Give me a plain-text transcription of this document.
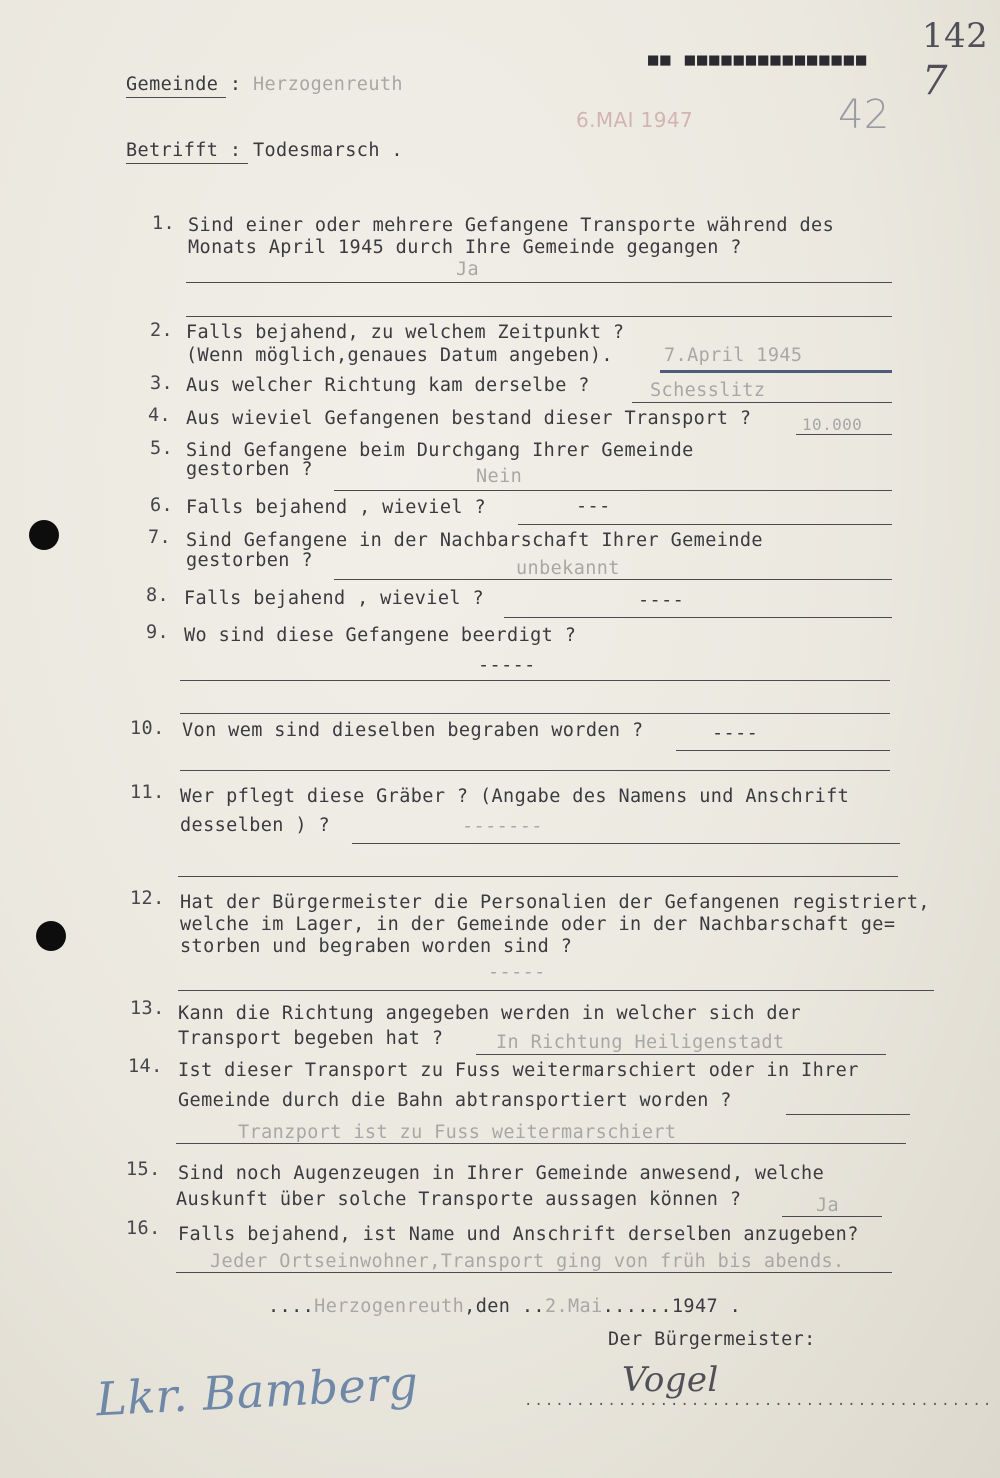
142
7
42
6.MAI 1947
■■ ■■■■■■■■■■■■■■■
Gemeinde : Herzogenreuth
Betrifft : Todesmarsch .
1. Sind einer oder mehrere Gefangene Transporte während des
Monats April 1945 durch Ihre Gemeinde gegangen ?
Ja
2. Falls bejahend, zu welchem Zeitpunkt ?
(Wenn möglich,genaues Datum angeben).	7.April 1945
3. Aus welcher Richtung kam derselbe ?	Schesslitz
4. Aus wieviel Gefangenen bestand dieser Transport ?	10.000
5. Sind Gefangene beim Durchgang Ihrer Gemeinde
gestorben ?	Nein
6. Falls bejahend , wieviel ?	---
7. Sind Gefangene in der Nachbarschaft Ihrer Gemeinde
gestorben ?	unbekannt
8. Falls bejahend , wieviel ?	----
9. Wo sind diese Gefangene beerdigt ?
-----
10. Von wem sind dieselben begraben worden ?	----
11. Wer pflegt diese Gräber ? (Angabe des Namens und Anschrift
desselben ) ?	-------
12. Hat der Bürgermeister die Personalien der Gefangenen registriert,
welche im Lager, in der Gemeinde oder in der Nachbarschaft ge=
storben und begraben worden sind ?
-----
13. Kann die Richtung angegeben werden in welcher sich der
Transport begeben hat ?	In Richtung Heiligenstadt
14. Ist dieser Transport zu Fuss weitermarschiert oder in Ihrer
Gemeinde durch die Bahn abtransportiert worden ?
Tranzport ist zu Fuss weitermarschiert
15. Sind noch Augenzeugen in Ihrer Gemeinde anwesend, welche
Auskunft über solche Transporte aussagen können ?	Ja
16. Falls bejahend, ist Name und Anschrift derselben anzugeben?
Jeder Ortseinwohner,Transport ging von früh bis abends.
....Herzogenreuth,den ..2.Mai......1947 .
Der Bürgermeister:
.............................................
Vogel
Lkr. Bamberg
